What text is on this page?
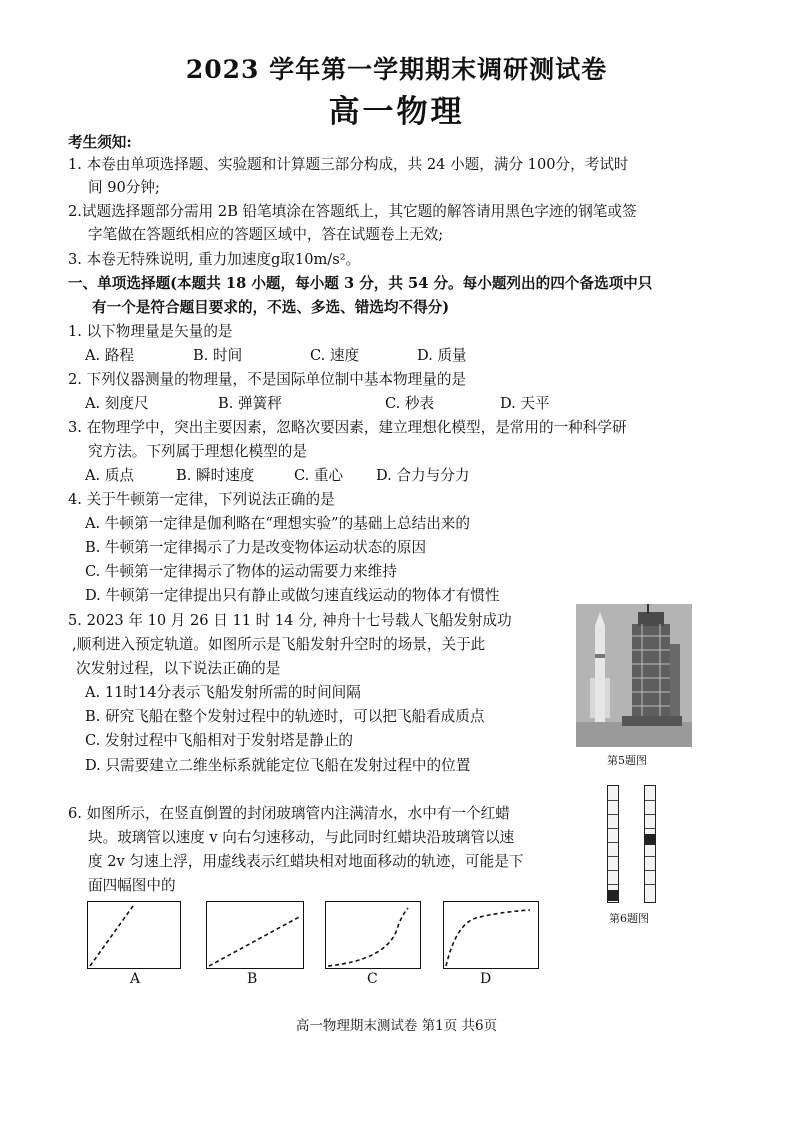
2023 学年第一学期期末调研测试卷
高一物理
考生须知:
1. 本卷由单项选择题、实验题和计算题三部分构成，共 24 小题，满分 100分，考试时
间 90分钟;
2.试题选择题部分需用 2B 铅笔填涂在答题纸上，其它题的解答请用黑色字迹的钢笔或签
字笔做在答题纸相应的答题区域中，答在试题卷上无效;
3. 本卷无特殊说明, 重力加速度g取10m/s²。
一、单项选择题(本题共 18 小题，每小题 3 分，共 54 分。每小题列出的四个备选项中只
有一个是符合题目要求的，不选、多选、错选均不得分)
1. 以下物理量是矢量的是
A. 路程	B. 时间	C. 速度	D. 质量
2. 下列仪器测量的物理量，不是国际单位制中基本物理量的是
A. 刻度尺	B. 弹簧秤	C. 秒表	D. 天平
3. 在物理学中，突出主要因素，忽略次要因素，建立理想化模型，是常用的一种科学研
究方法。下列属于理想化模型的是
A. 质点	B. 瞬时速度	C. 重心 D. 合力与分力
4. 关于牛顿第一定律，下列说法正确的是
A. 牛顿第一定律是伽利略在“理想实验”的基础上总结出来的
B. 牛顿第一定律揭示了力是改变物体运动状态的原因
C. 牛顿第一定律揭示了物体的运动需要力来维持
D. 牛顿第一定律提出只有静止或做匀速直线运动的物体才有惯性
5. 2023 年 10 月 26 日 11 时 14 分, 神舟十七号载人飞船发射成功
,顺利进入预定轨道。如图所示是飞船发射升空时的场景，关于此
次发射过程，以下说法正确的是
A. 11时14分表示飞船发射所需的时间间隔
B. 研究飞船在整个发射过程中的轨迹时，可以把飞船看成质点
C. 发射过程中飞船相对于发射塔是静止的
D. 只需要建立二维坐标系就能定位飞船在发射过程中的位置	第5题图
6. 如图所示，在竖直倒置的封闭玻璃管内注满清水，水中有一个红蜡
块。玻璃管以速度 v 向右匀速移动，与此同时红蜡块沿玻璃管以速
度 2v 匀速上浮，用虚线表示红蜡块相对地面移动的轨迹，可能是下
面四幅图中的
第6题图
A	B	C	D
高一物理期末测试卷 第1页 共6页
